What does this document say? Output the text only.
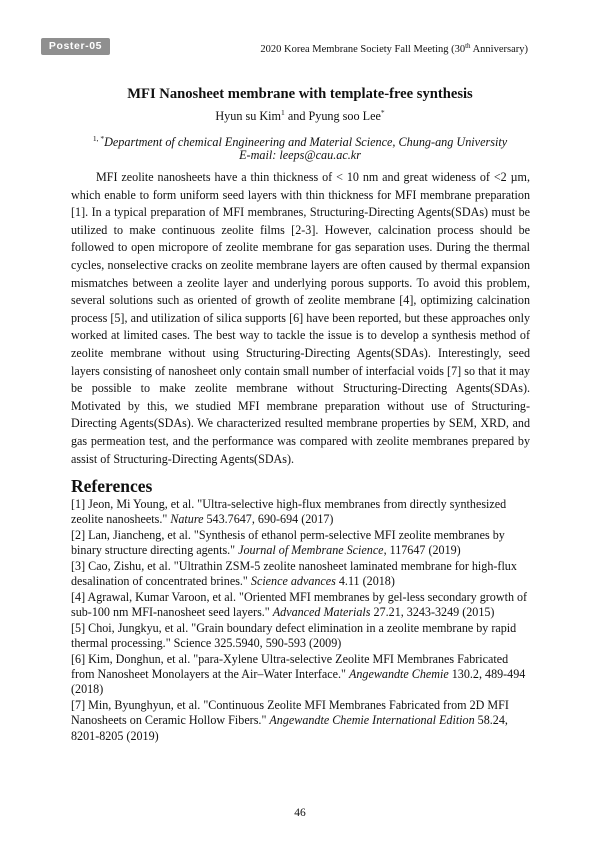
Poster-05	2020 Korea Membrane Society Fall Meeting (30th Anniversary)
MFI Nanosheet membrane with template-free synthesis
Hyun su Kim$^1$ and Pyung soo Lee*
$^{1, *}$Department of chemical Engineering and Material Science, Chung-ang University
E-mail: leeps@cau.ac.kr

MFI zeolite nanosheets have a thin thickness of < 10 nm and great wideness of <2 µm, which enable to form uniform seed layers with thin thickness for MFI membrane preparation [1]. In a typical preparation of MFI membranes, Structuring-Directing Agents(SDAs) must be utilized to make continuous zeolite films [2-3]. However, calcination process should be followed to open micropore of zeolite membrane for gas separation uses. During the thermal cycles, nonselective cracks on zeolite membrane layers are often caused by thermal expansion mismatches between a zeolite layer and underlying porous supports. To avoid this problem, several solutions such as oriented of growth of zeolite membrane [4], optimizing calcination process [5], and utilization of silica supports [6] have been reported, but these approaches only worked at limited cases. The best way to tackle the issue is to develop a synthesis method of zeolite membrane without using Structuring-Directing Agents(SDAs). Interestingly, seed layers consisting of nanosheet only contain small number of interfacial voids [7] so that it may be possible to make zeolite membrane without Structuring-Directing Agents(SDAs). Motivated by this, we studied MFI membrane preparation without use of Structuring-Directing Agents(SDAs). We characterized resulted membrane properties by SEM, XRD, and gas permeation test, and the performance was compared with zeolite membranes prepared by assist of Structuring-Directing Agents(SDAs).

References
[1] Jeon, Mi Young, et al. "Ultra-selective high-flux membranes from directly synthesized zeolite nanosheets." Nature 543.7647, 690-694 (2017)
[2] Lan, Jiancheng, et al. "Synthesis of ethanol perm-selective MFI zeolite membranes by binary structure directing agents." Journal of Membrane Science, 117647 (2019)
[3] Cao, Zishu, et al. "Ultrathin ZSM-5 zeolite nanosheet laminated membrane for high-flux desalination of concentrated brines." Science advances 4.11 (2018)
[4] Agrawal, Kumar Varoon, et al. "Oriented MFI membranes by gel-less secondary growth of sub-100 nm MFI-nanosheet seed layers." Advanced Materials 27.21, 3243-3249 (2015)
[5] Choi, Jungkyu, et al. "Grain boundary defect elimination in a zeolite membrane by rapid thermal processing." Science 325.5940, 590-593 (2009)
[6] Kim, Donghun, et al. "para-Xylene Ultra-selective Zeolite MFI Membranes Fabricated from Nanosheet Monolayers at the Air–Water Interface." Angewandte Chemie 130.2, 489-494 (2018)
[7] Min, Byunghyun, et al. "Continuous Zeolite MFI Membranes Fabricated from 2D MFI Nanosheets on Ceramic Hollow Fibers." Angewandte Chemie International Edition 58.24, 8201-8205 (2019)
46
